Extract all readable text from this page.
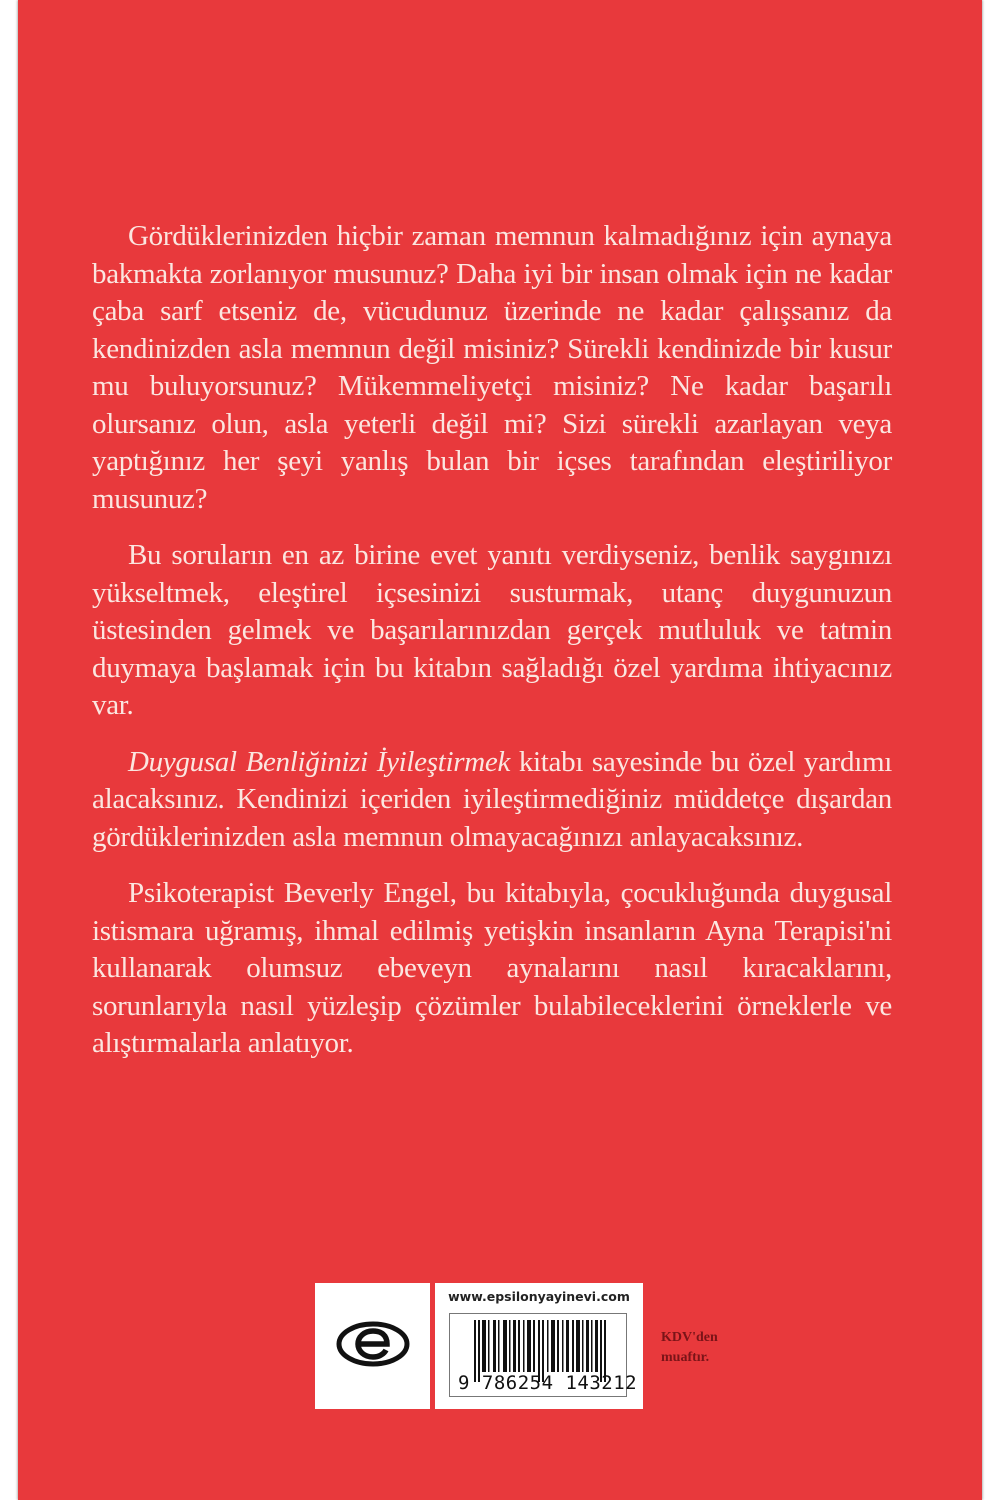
Gördüklerinizden hiçbir zaman memnun kalmadığınız için aynaya bakmakta zorlanıyor musunuz? Daha iyi bir insan olmak için ne kadar çaba sarf etseniz de, vücudunuz üzerinde ne kadar çalışsanız da kendinizden asla memnun değil misiniz? Sürekli kendinizde bir kusur mu buluyorsunuz? Mükemmeliyetçi misiniz? Ne kadar başarılı olursanız olun, asla yeterli değil mi? Sizi sürekli azarlayan veya yaptığınız her şeyi yanlış bulan bir içses tarafından eleştiriliyor musunuz?

Bu soruların en az birine evet yanıtı verdiyseniz, benlik saygınızı yükseltmek, eleştirel içsesinizi susturmak, utanç duygunuzun üstesinden gelmek ve başarılarınızdan gerçek mutluluk ve tatmin duymaya başlamak için bu kitabın sağladığı özel yardıma ihtiyacınız var.

Duygusal Benliğinizi İyileştirmek kitabı sayesinde bu özel yardımı alacaksınız. Kendinizi içeriden iyileştirmediğiniz müddetçe dışardan gördüklerinizden asla memnun olmayacağınızı anlayacaksınız.

Psikoterapist Beverly Engel, bu kitabıyla, çocukluğunda duygusal istismara uğramış, ihmal edilmiş yetişkin insanların Ayna Terapisi'ni kullanarak olumsuz ebeveyn aynalarını nasıl kıracaklarını, sorunlarıyla nasıl yüzleşip çözümler bulabileceklerini örneklerle ve alıştırmalarla anlatıyor.

www.epsilonyayinevi.com
9 786254 143212
KDV'den
muaftır.
